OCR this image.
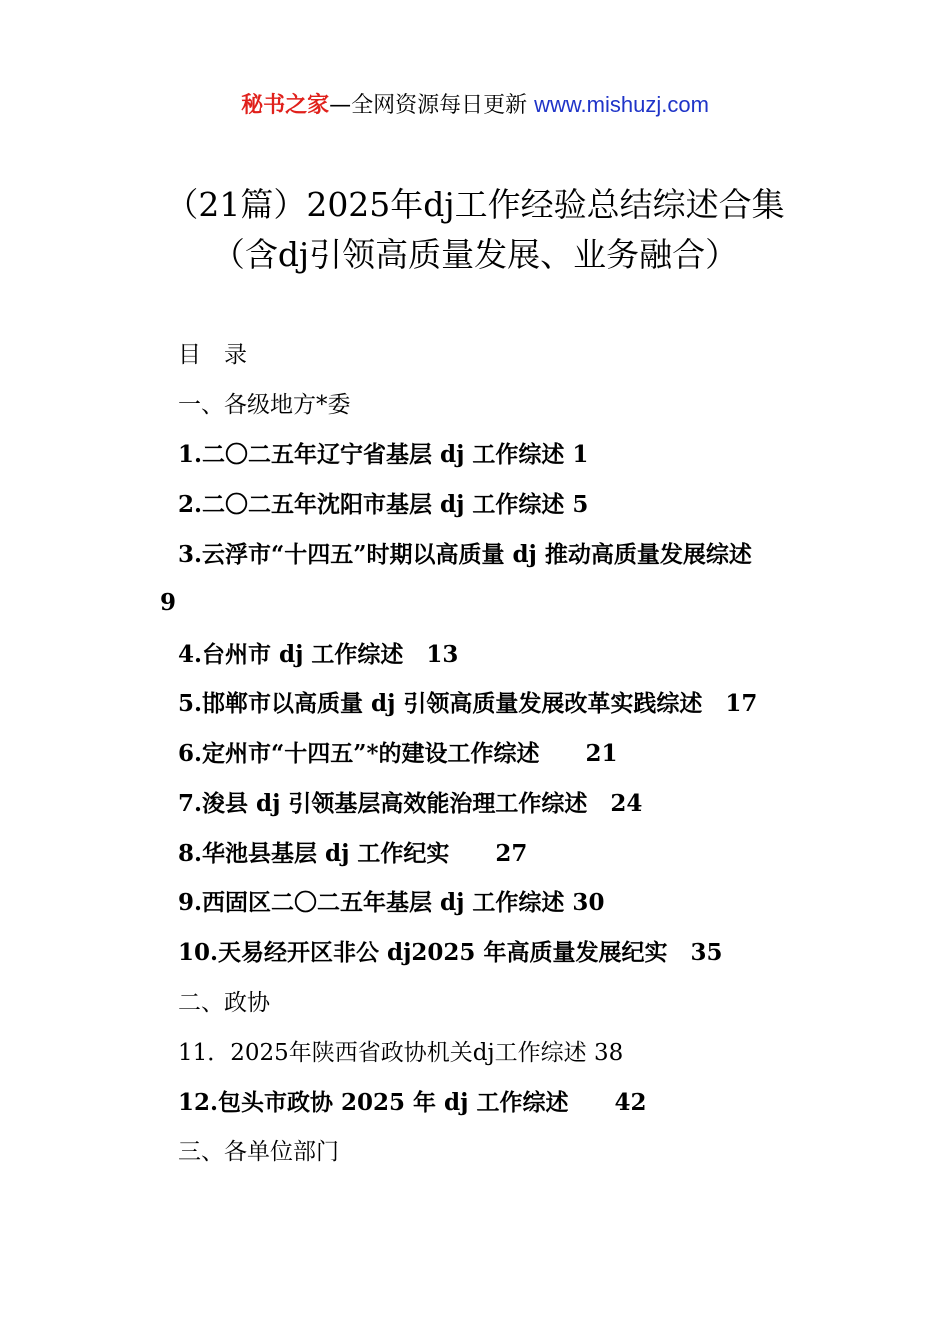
秘书之家—全网资源每日更新 www.mishuzj.com
（21篇）2025年dj工作经验总结综述合集
（含dj引领高质量发展、业务融合）
目　录
一、各级地方*委
1.二〇二五年辽宁省基层 dj 工作综述 1
2.二〇二五年沈阳市基层 dj 工作综述 5
3.云浮市“十四五”时期以高质量 dj 推动高质量发展综述
9
4.台州市 dj 工作综述　13
5.邯郸市以高质量 dj 引领高质量发展改革实践综述　17
6.定州市“十四五”*的建设工作综述　　21
7.浚县 dj 引领基层高效能治理工作综述　24
8.华池县基层 dj 工作纪实　　27
9.西固区二〇二五年基层 dj 工作综述 30
10.天易经开区非公 dj2025 年高质量发展纪实　35
二、政协
11．2025年陕西省政协机关dj工作综述 38
12.包头市政协 2025 年 dj 工作综述　　42
三、各单位部门
